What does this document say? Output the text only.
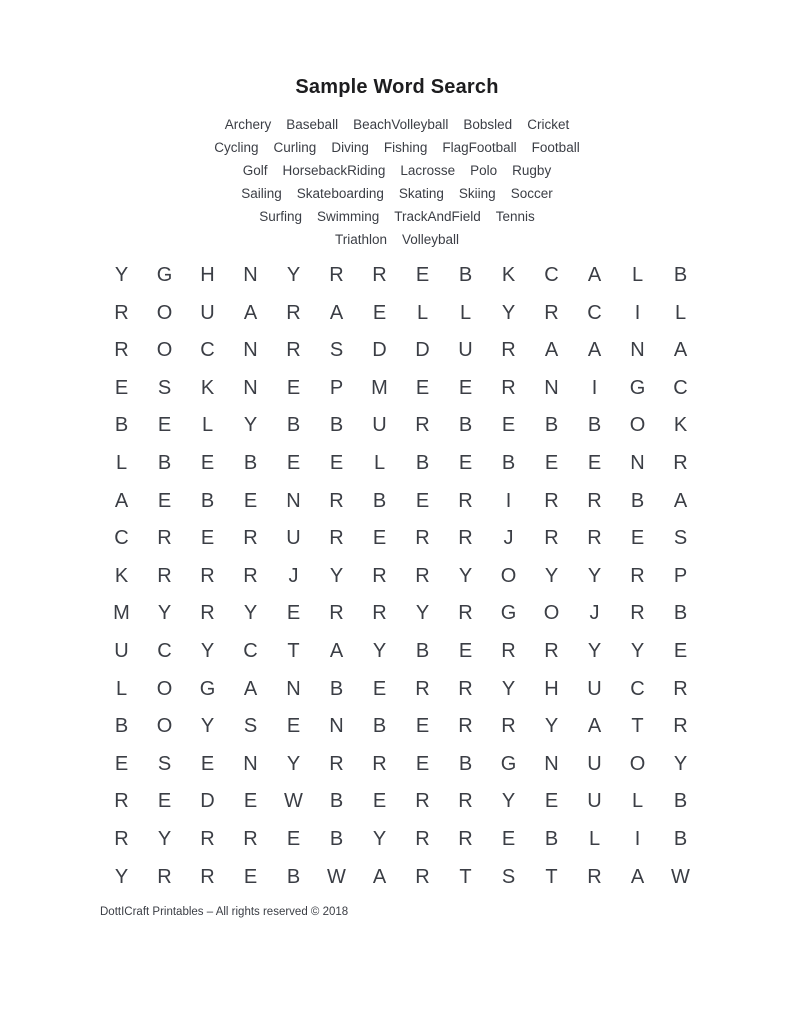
Sample Word Search
Archery Baseball BeachVolleyball Bobsled Cricket
Cycling Curling Diving Fishing FlagFootball Football
Golf HorsebackRiding Lacrosse Polo Rugby
Sailing Skateboarding Skating Skiing Soccer
Surfing Swimming TrackAndField Tennis
Triathlon Volleyball
Y	G	H	N	Y	R	R	E	B	K	C	A	L	B
R	O	U	A	R	A	E	L	L	Y	R	C	I	L
R	O	C	N	R	S	D	D	U	R	A	A	N	A
E	S	K	N	E	P	M	E	E	R	N	I	G	C
B	E	L	Y	B	B	U	R	B	E	B	B	O	K
L	B	E	B	E	E	L	B	E	B	E	E	N	R
A	E	B	E	N	R	B	E	R	I	R	R	B	A
C	R	E	R	U	R	E	R	R	J	R	R	E	S
K	R	R	R	J	Y	R	R	Y	O	Y	Y	R	P
M	Y	R	Y	E	R	R	Y	R	G	O	J	R	B
U	C	Y	C	T	A	Y	B	E	R	R	Y	Y	E
L	O	G	A	N	B	E	R	R	Y	H	U	C	R
B	O	Y	S	E	N	B	E	R	R	Y	A	T	R
E	S	E	N	Y	R	R	E	B	G	N	U	O	Y
R	E	D	E	W	B	E	R	R	Y	E	U	L	B
R	Y	R	R	E	B	Y	R	R	E	B	L	I	B
Y	R	R	E	B	W	A	R	T	S	T	R	A	W
DottICraft Printables – All rights reserved © 2018
